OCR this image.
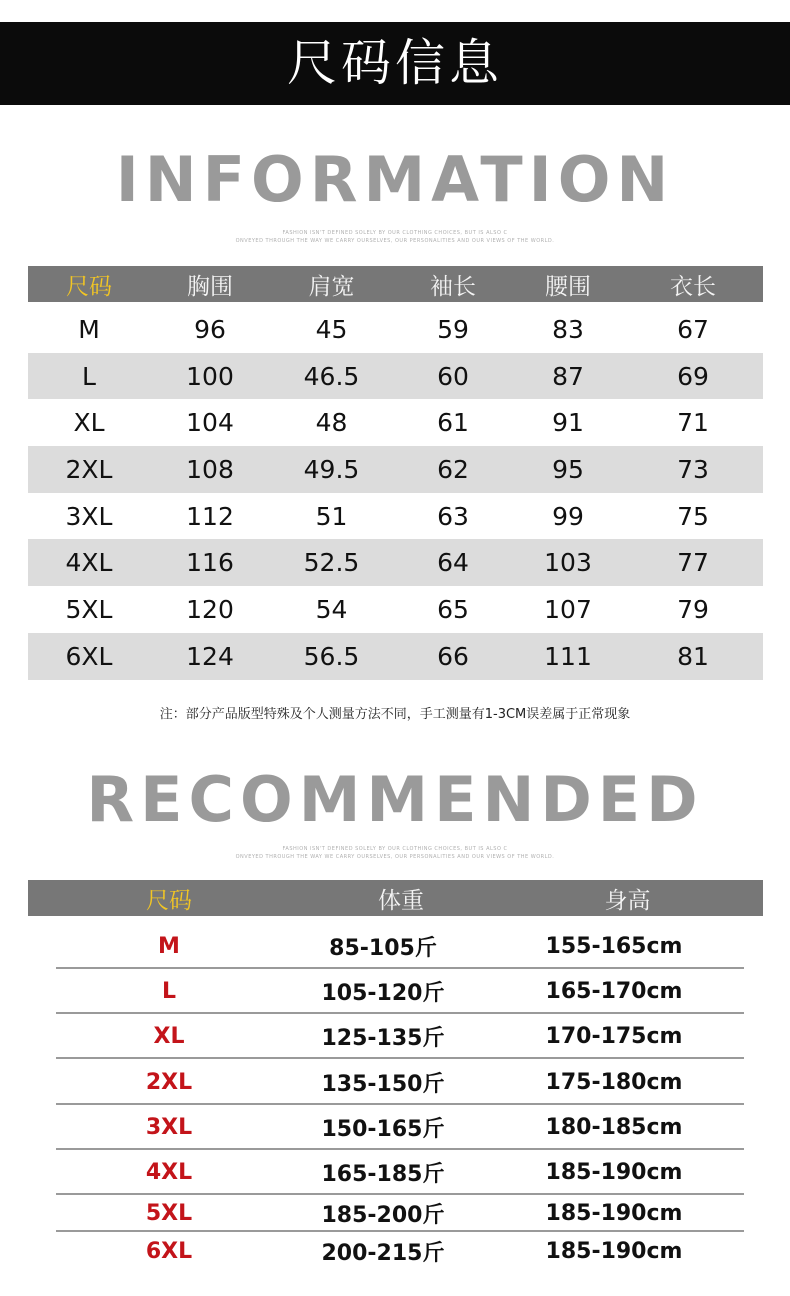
尺码信息
INFORMATION
FASHION ISN'T DEFINED SOLELY BY OUR CLOTHING CHOICES, BUT IS ALSO C
ONVEYED THROUGH THE WAY WE CARRY OURSELVES, OUR PERSONALITIES AND OUR VIEWS OF THE WORLD.
尺码	胸围	肩宽	袖长	腰围	衣长
M	96	45	59	83	67
L	100	46.5	60	87	69
XL	104	48	61	91	71
2XL	108	49.5	62	95	73
3XL	112	51	63	99	75
4XL	116	52.5	64	103	77
5XL	120	54	65	107	79
6XL	124	56.5	66	111	81
注：部分产品版型特殊及个人测量方法不同，手工测量有1-3CM误差属于正常现象
RECOMMENDED
FASHION ISN'T DEFINED SOLELY BY OUR CLOTHING CHOICES, BUT IS ALSO C
ONVEYED THROUGH THE WAY WE CARRY OURSELVES, OUR PERSONALITIES AND OUR VIEWS OF THE WORLD.
尺码	体重	身高
M	85-105斤	155-165cm
L	105-120斤	165-170cm
XL	125-135斤	170-175cm
2XL	135-150斤	175-180cm
3XL	150-165斤	180-185cm
4XL	165-185斤	185-190cm
5XL	185-200斤	185-190cm
6XL	200-215斤	185-190cm
